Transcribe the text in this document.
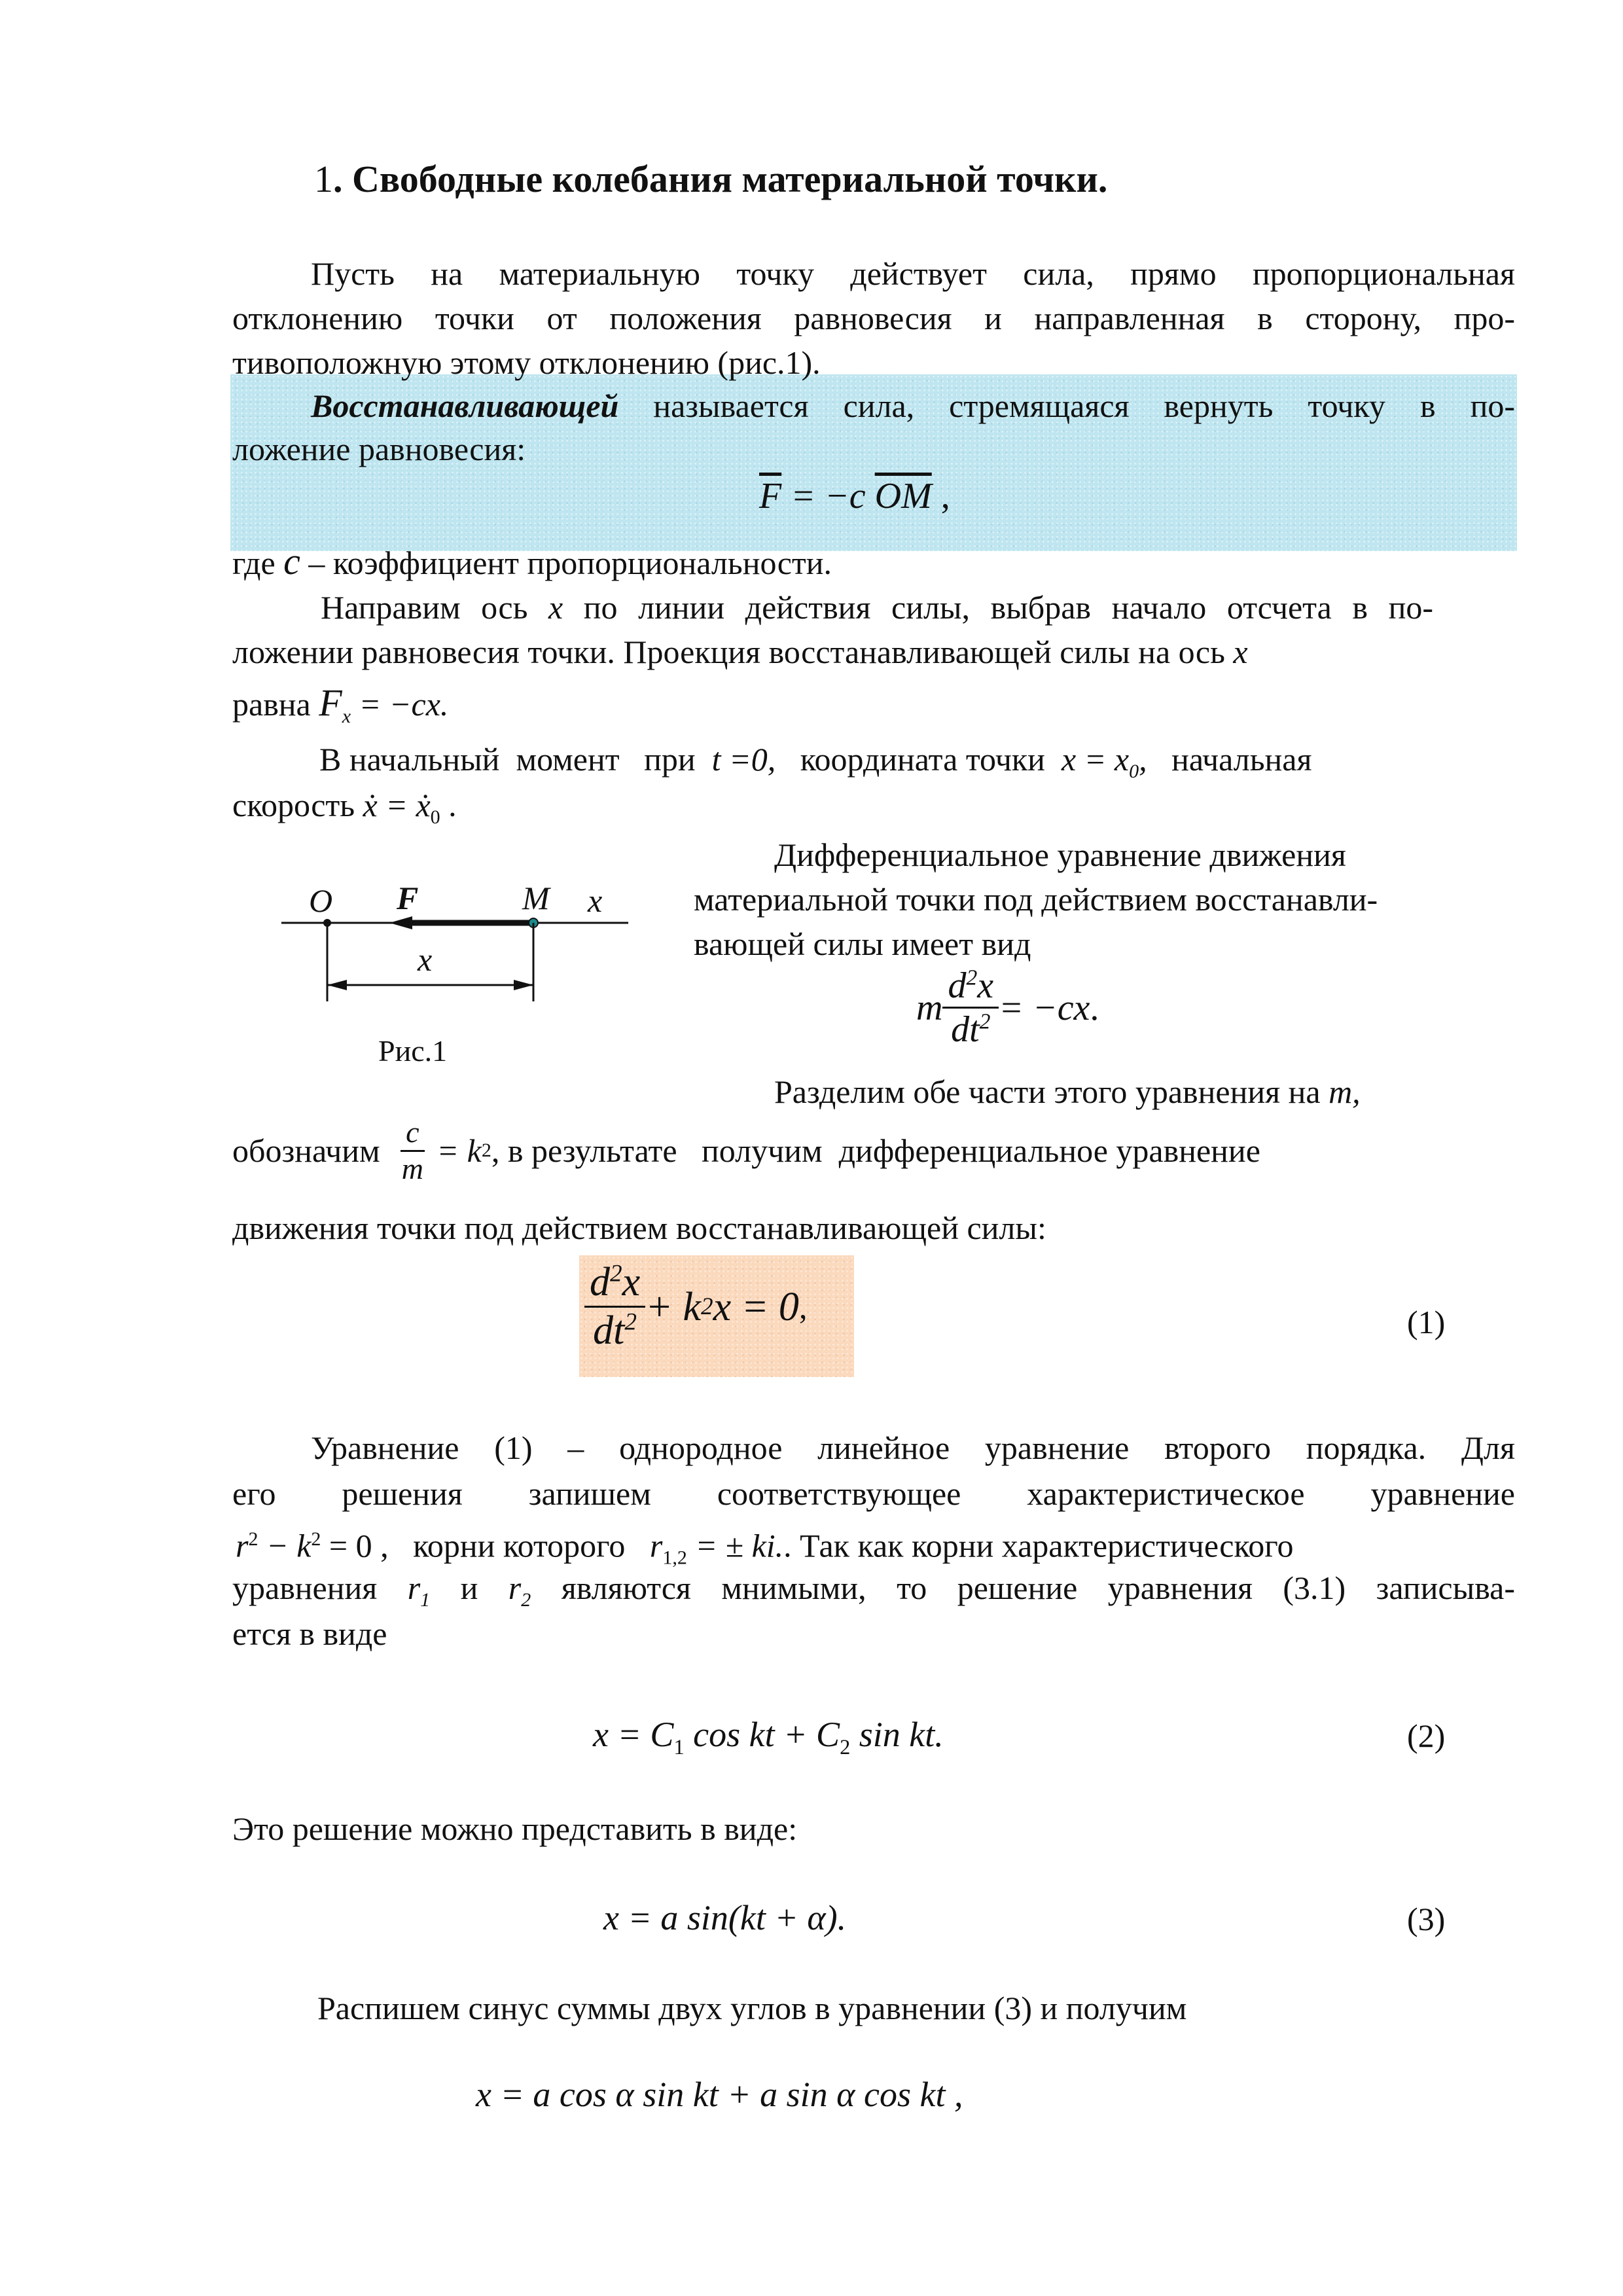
1. Свободные колебания материальной точки.
Пусть на материальную точку действует сила, прямо пропорциональная
отклонению точки от положения равновесия и направленная в сторону, про-
тивоположную этому отклонению (рис.1).
Восстанавливающей называется сила, стремящаяся вернуть точку в по-
ложение равновесия:
$\overline{F} = -c$ $\overline{OM}$ ,
где c – коэффициент пропорциональности.
Направим ось x по линии действия силы, выбрав начало отсчета в по-
ложении равновесия точки. Проекция восстанавливающей силы на ось x
равна $F_x = -cx$.
В начальный  момент   при  t =0,   координата точки  $x = x_0$,   начальная
скорость ẋ = ẋ$_0$ .
O F	M x
x
Рис.1
Дифференциальное уравнение движения
материальной точки под действием восстанавли-
вающей силы имеет вид
m $\frac{d^2x}{dt^2} = -cx$ .
Разделим обе части этого уравнения на m,
обозначим $\frac{c}{m} = k$ 2 , в результате   получим  дифференциальное уравнение
движения точки под действием восстанавливающей силы:
$\frac{d^2x}{dt^2} + k$ 2 x = 0 ,	(1)
Уравнение (1) – однородное линейное уравнение второго порядка. Для
его решения запишем соответствующее характеристическое уравнение
$r^2 - k^2 = 0$ ,   корни которого   $r_{1,2}$ = ± ki.. Так как корни характеристического
уравнения $r_1$ и $r_2$ являются мнимыми, то решение уравнения (3.1) записыва-
ется в виде
$x = C_1$ cos kt + $C_2$ sin kt.	(2)
Это решение можно представить в виде:
x = a sin(kt + α).	(3)
Распишем синус суммы двух углов в уравнении (3) и получим
x = a cos α sin kt + a sin α cos kt ,
